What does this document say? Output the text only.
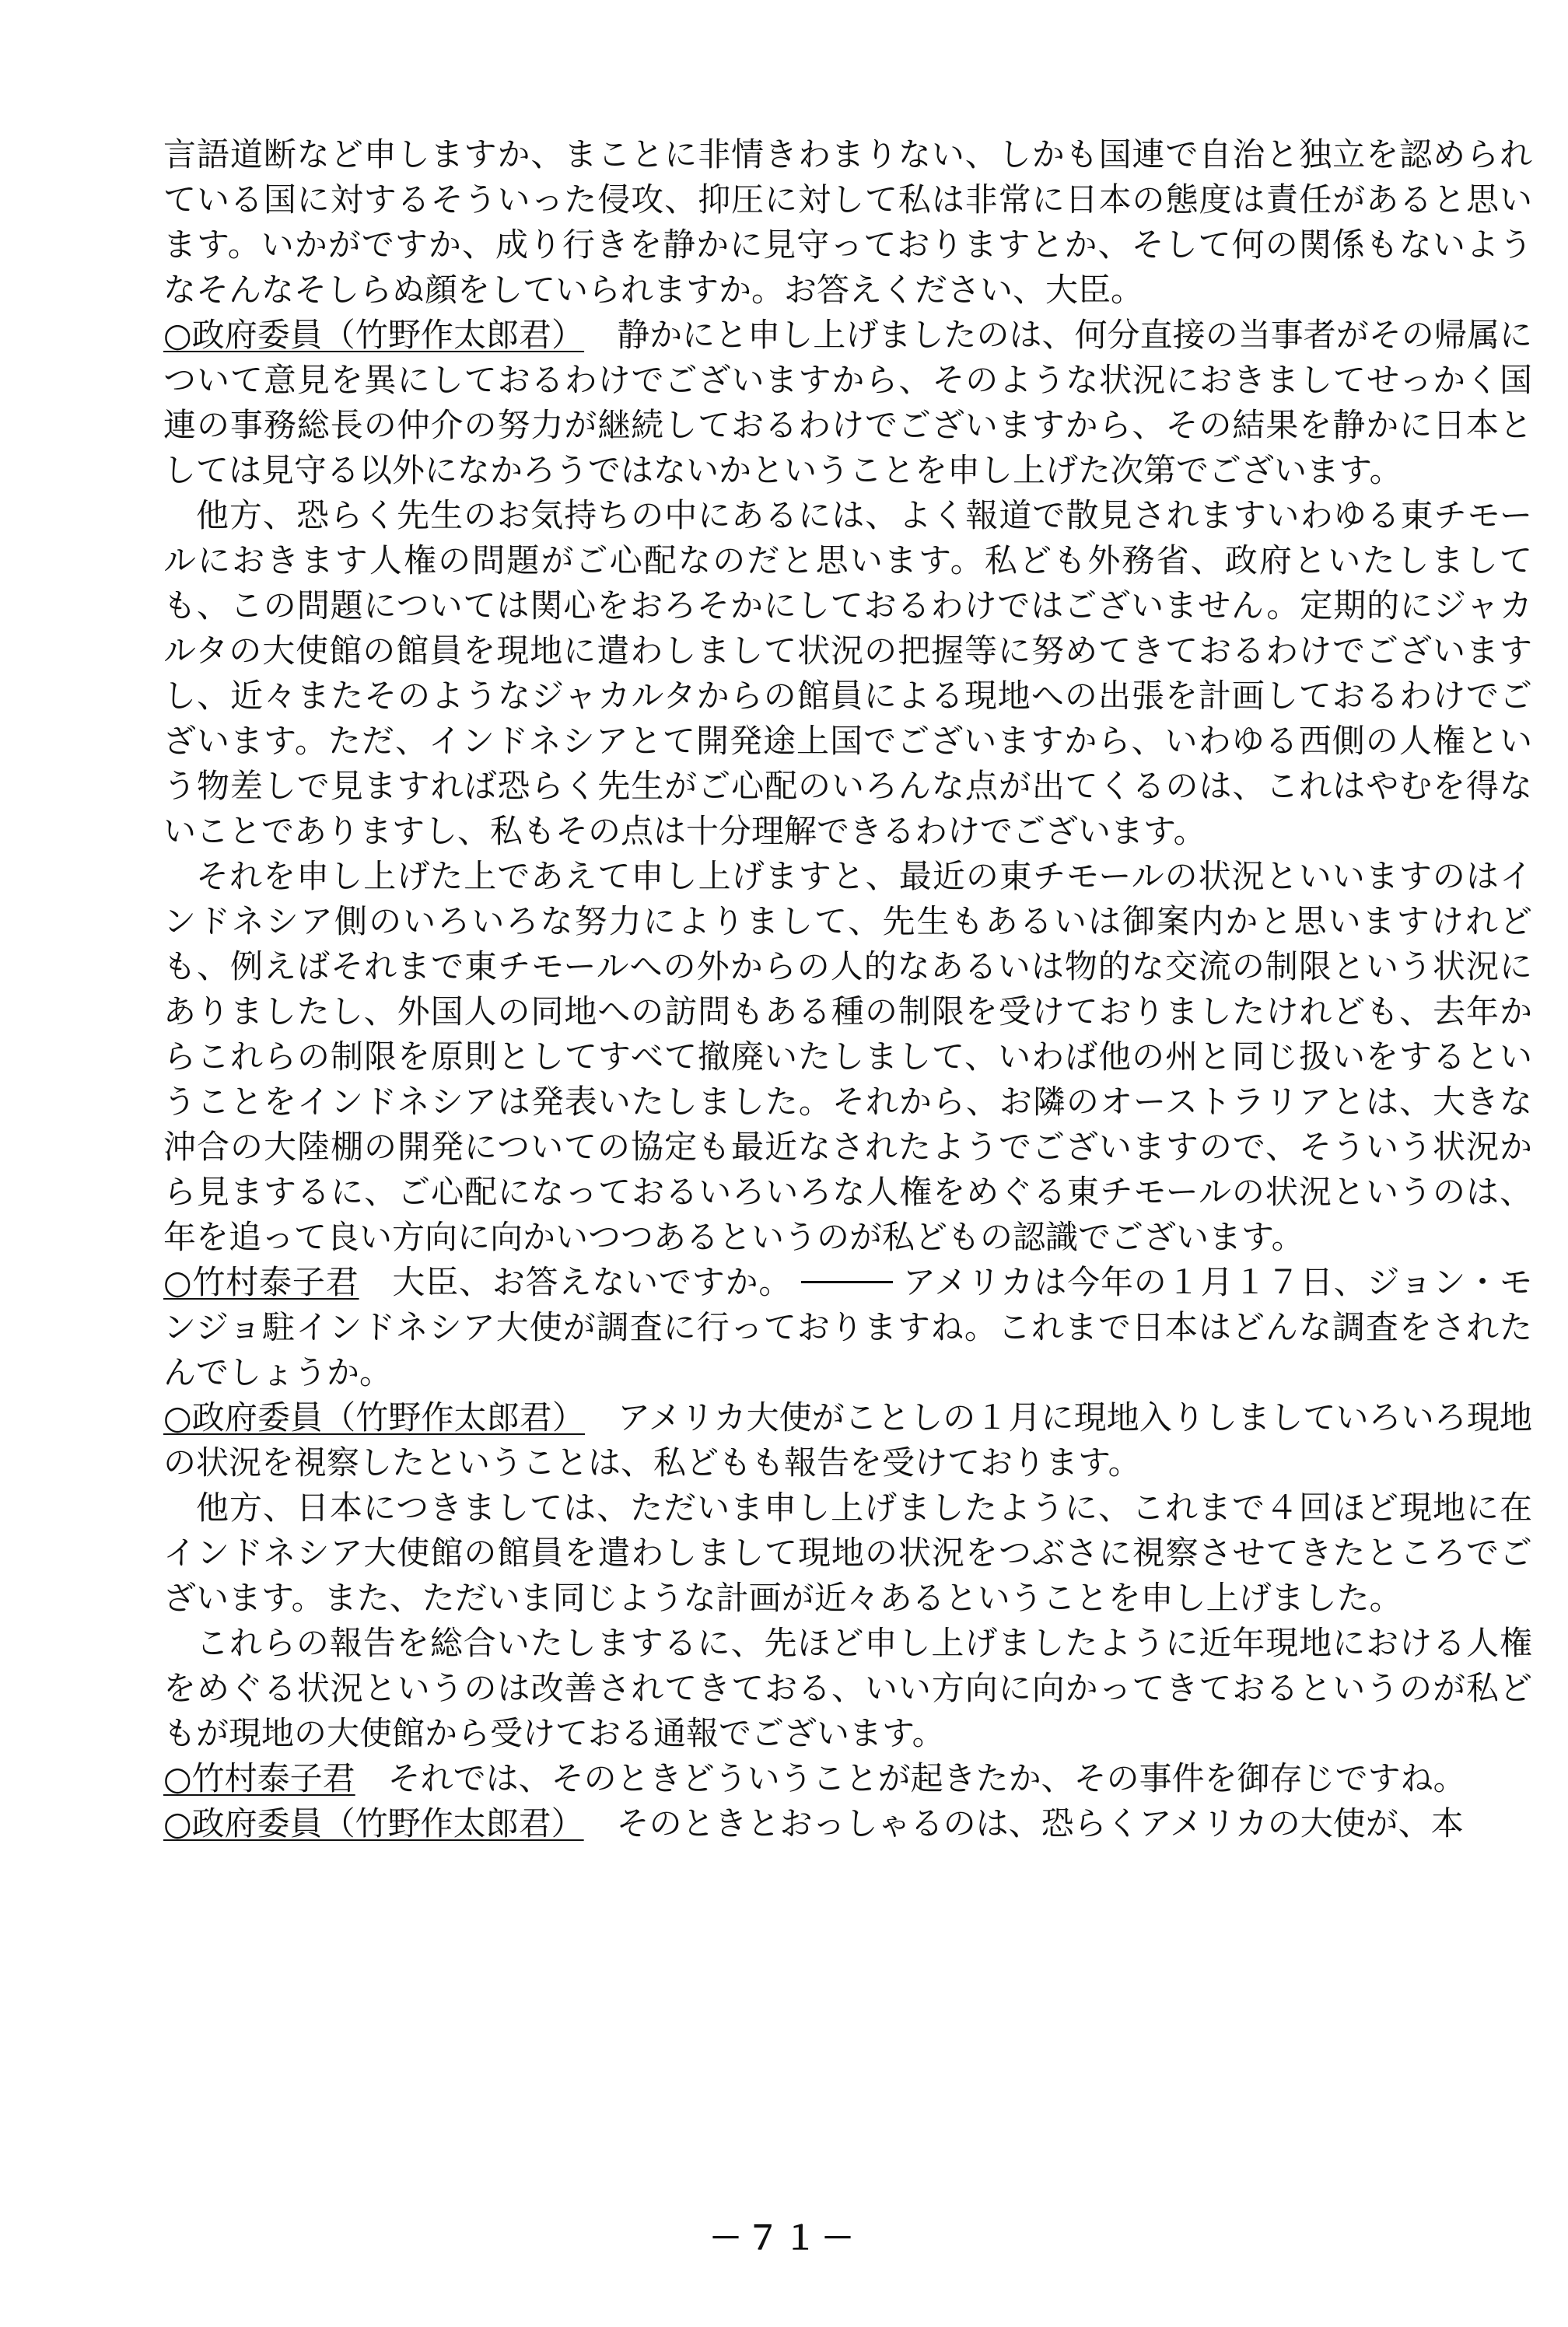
言語道断など申しますか、まことに非情きわまりない、しかも国連で自治と独立を認められている国に対するそういった侵攻、抑圧に対して私は非常に日本の態度は責任があると思います。いかがですか、成り行きを静かに見守っておりますとか、そして何の関係もないようなそんなそしらぬ顔をしていられますか。お答えください、大臣。

○政府委員（竹野作太郎君）  静かにと申し上げましたのは、何分直接の当事者がその帰属について意見を異にしておるわけでございますから、そのような状況におきましてせっかく国連の事務総長の仲介の努力が継続しておるわけでございますから、その結果を静かに日本としては見守る以外になかろうではないかということを申し上げた次第でございます。

他方、恐らく先生のお気持ちの中にあるには、よく報道で散見されますいわゆる東チモールにおきます人権の問題がご心配なのだと思います。私ども外務省、政府といたしましても、この問題については関心をおろそかにしておるわけではございません。定期的にジャカルタの大使館の館員を現地に遣わしまして状況の把握等に努めてきておるわけでございますし、近々またそのようなジャカルタからの館員による現地への出張を計画しておるわけでございます。ただ、インドネシアとて開発途上国でございますから、いわゆる西側の人権という物差しで見ますれば恐らく先生がご心配のいろんな点が出てくるのは、これはやむを得ないことでありますし、私もその点は十分理解できるわけでございます。

それを申し上げた上であえて申し上げますと、最近の東チモールの状況といいますのはインドネシア側のいろいろな努力によりまして、先生もあるいは御案内かと思いますけれども、例えばそれまで東チモールへの外からの人的なあるいは物的な交流の制限という状況にありましたし、外国人の同地への訪問もある種の制限を受けておりましたけれども、去年からこれらの制限を原則としてすべて撤廃いたしまして、いわば他の州と同じ扱いをするということをインドネシアは発表いたしました。それから、お隣のオーストラリアとは、大きな沖合の大陸棚の開発についての協定も最近なされたようでございますので、そういう状況から見まするに、ご心配になっておるいろいろな人権をめぐる東チモールの状況というのは、年を追って良い方向に向かいつつあるというのが私どもの認識でございます。

○竹村泰子君  大臣、お答えないですか。	アメリカは今年の１月１７日、ジョン・モンジョ駐インドネシア大使が調査に行っておりますね。これまで日本はどんな調査をされたんでしょうか。

○政府委員（竹野作太郎君）  アメリカ大使がことしの１月に現地入りしましていろいろ現地の状況を視察したということは、私どもも報告を受けております。

他方、日本につきましては、ただいま申し上げましたように、これまで４回ほど現地に在インドネシア大使館の館員を遣わしまして現地の状況をつぶさに視察させてきたところでございます。また、ただいま同じような計画が近々あるということを申し上げました。

これらの報告を総合いたしまするに、先ほど申し上げましたように近年現地における人権をめぐる状況というのは改善されてきておる、いい方向に向かってきておるというのが私どもが現地の大使館から受けておる通報でございます。

○竹村泰子君  それでは、そのときどういうことが起きたか、その事件を御存じですね。

○政府委員（竹野作太郎君）  そのときとおっしゃるのは、恐らくアメリカの大使が、本

－７１－
